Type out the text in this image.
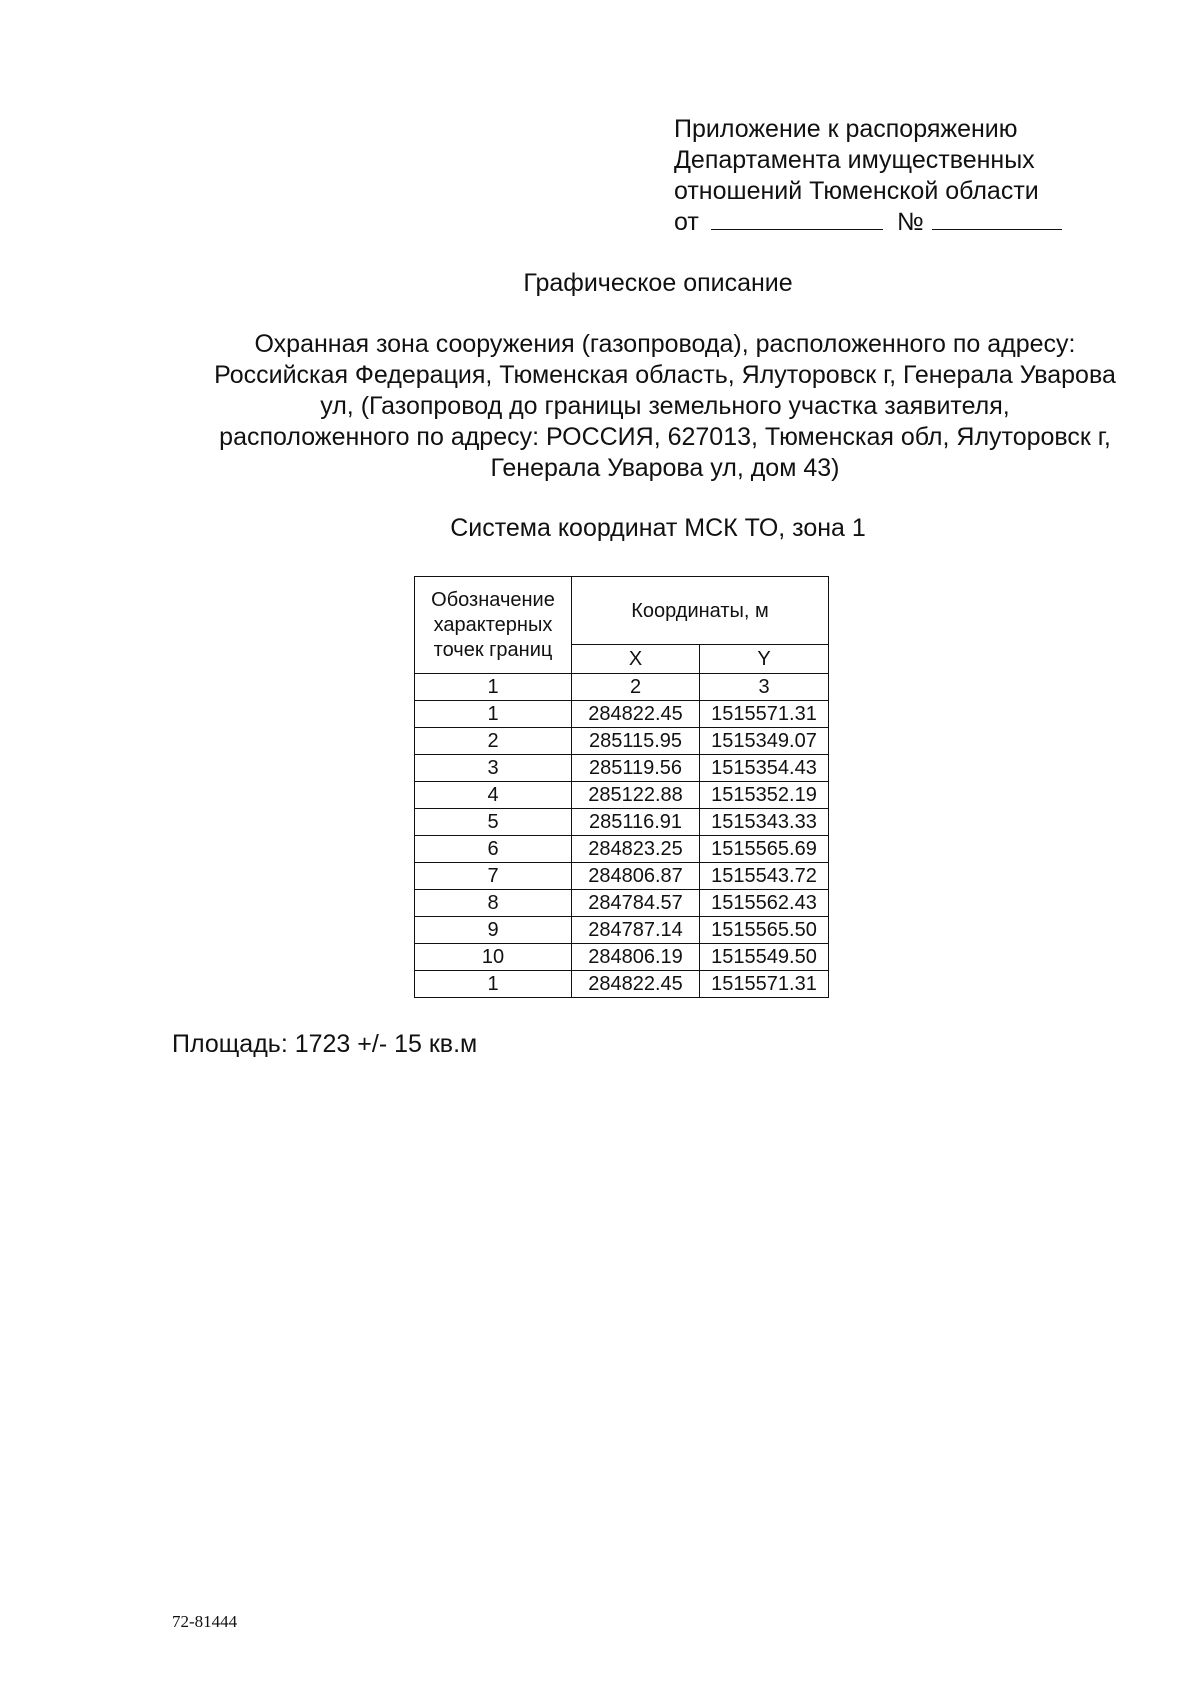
Приложение к распоряжению
Департамента имущественных
отношений Тюменской области
от	№
Графическое описание
Охранная зона сооружения (газопровода), расположенного по адресу:
Российская Федерация, Тюменская область, Ялуторовск г, Генерала Уварова
ул, (Газопровод до границы земельного участка заявителя,
расположенного по адресу: РОССИЯ, 627013, Тюменская обл, Ялуторовск г,
Генерала Уварова ул, дом 43)
Система координат МСК ТО, зона 1
Обозначение
характерных
точек границ	Координаты, м	
	X	Y
1	2	3
1	284822.45	1515571.31
2	285115.95	1515349.07
3	285119.56	1515354.43
4	285122.88	1515352.19
5	285116.91	1515343.33
6	284823.25	1515565.69
7	284806.87	1515543.72
8	284784.57	1515562.43
9	284787.14	1515565.50
10	284806.19	1515549.50
1	284822.45	1515571.31
Площадь: 1723 +/- 15 кв.м
72-81444
